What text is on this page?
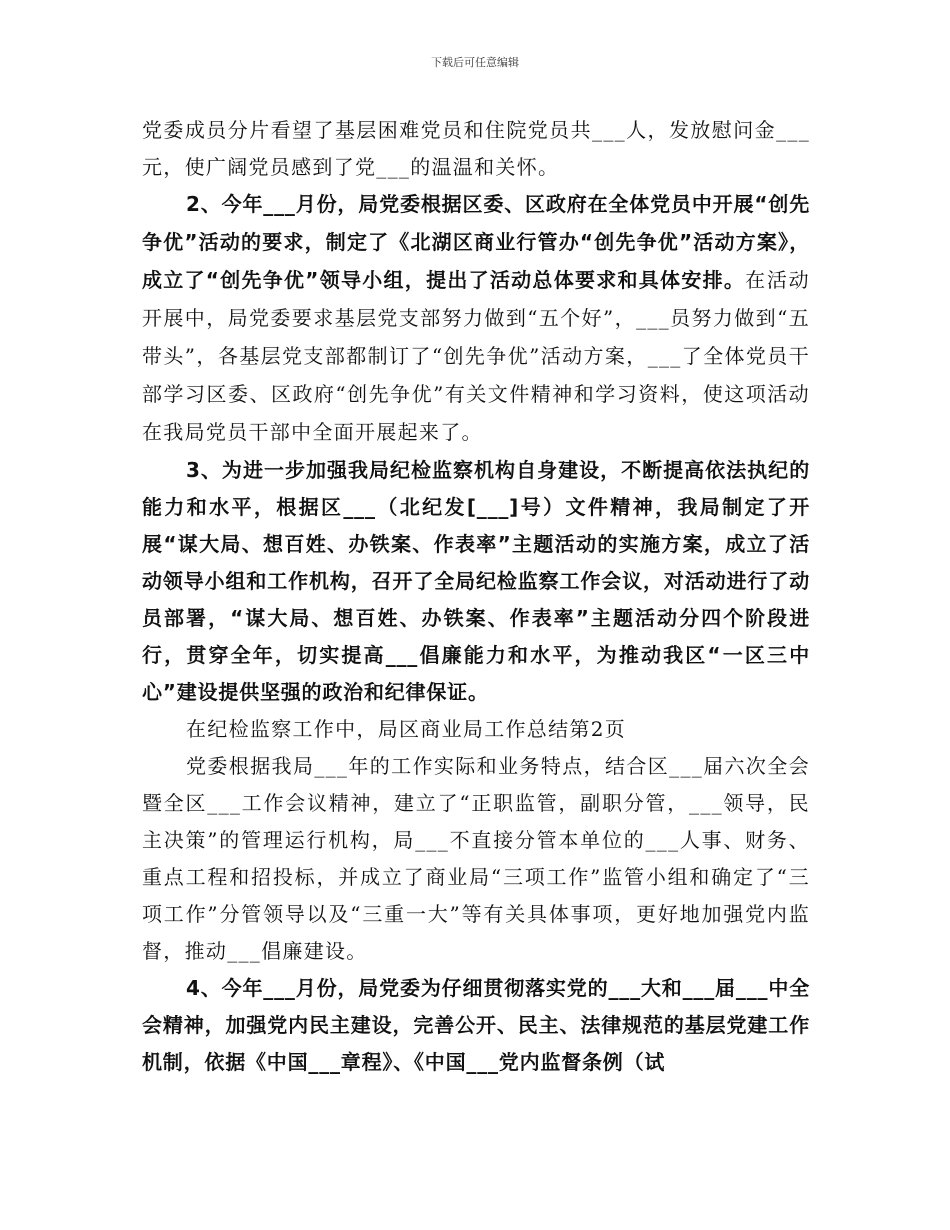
下载后可任意编辑

党委成员分片看望了基层困难党员和住院党员共___人，发放慰问金___元，使广阔党员感到了党___的温温和关怀。

2、今年___月份，局党委根据区委、区政府在全体党员中开展“创先争优”活动的要求，制定了《北湖区商业行管办“创先争优”活动方案》，成立了“创先争优”领导小组，提出了活动总体要求和具体安排。在活动开展中，局党委要求基层党支部努力做到“五个好”，___员努力做到“五带头”，各基层党支部都制订了“创先争优”活动方案，___了全体党员干部学习区委、区政府“创先争优”有关文件精神和学习资料，使这项活动在我局党员干部中全面开展起来了。

3、为进一步加强我局纪检监察机构自身建设，不断提高依法执纪的能力和水平，根据区___（北纪发[___]号）文件精神，我局制定了开展“谋大局、想百姓、办铁案、作表率”主题活动的实施方案，成立了活动领导小组和工作机构，召开了全局纪检监察工作会议，对活动进行了动员部署，“谋大局、想百姓、办铁案、作表率”主题活动分四个阶段进行，贯穿全年，切实提高___倡廉能力和水平，为推动我区“一区三中心”建设提供坚强的政治和纪律保证。

在纪检监察工作中，局区商业局工作总结第2页

党委根据我局___年的工作实际和业务特点，结合区___届六次全会暨全区___工作会议精神，建立了“正职监管，副职分管，___领导，民主决策”的管理运行机构，局___不直接分管本单位的___人事、财务、重点工程和招投标，并成立了商业局“三项工作”监管小组和确定了“三项工作”分管领导以及“三重一大”等有关具体事项，更好地加强党内监督，推动___倡廉建设。

4、今年___月份，局党委为仔细贯彻落实党的___大和___届___中全会精神，加强党内民主建设，完善公开、民主、法律规范的基层党建工作机制，依据《中国___章程》、《中国___党内监督条例（试
